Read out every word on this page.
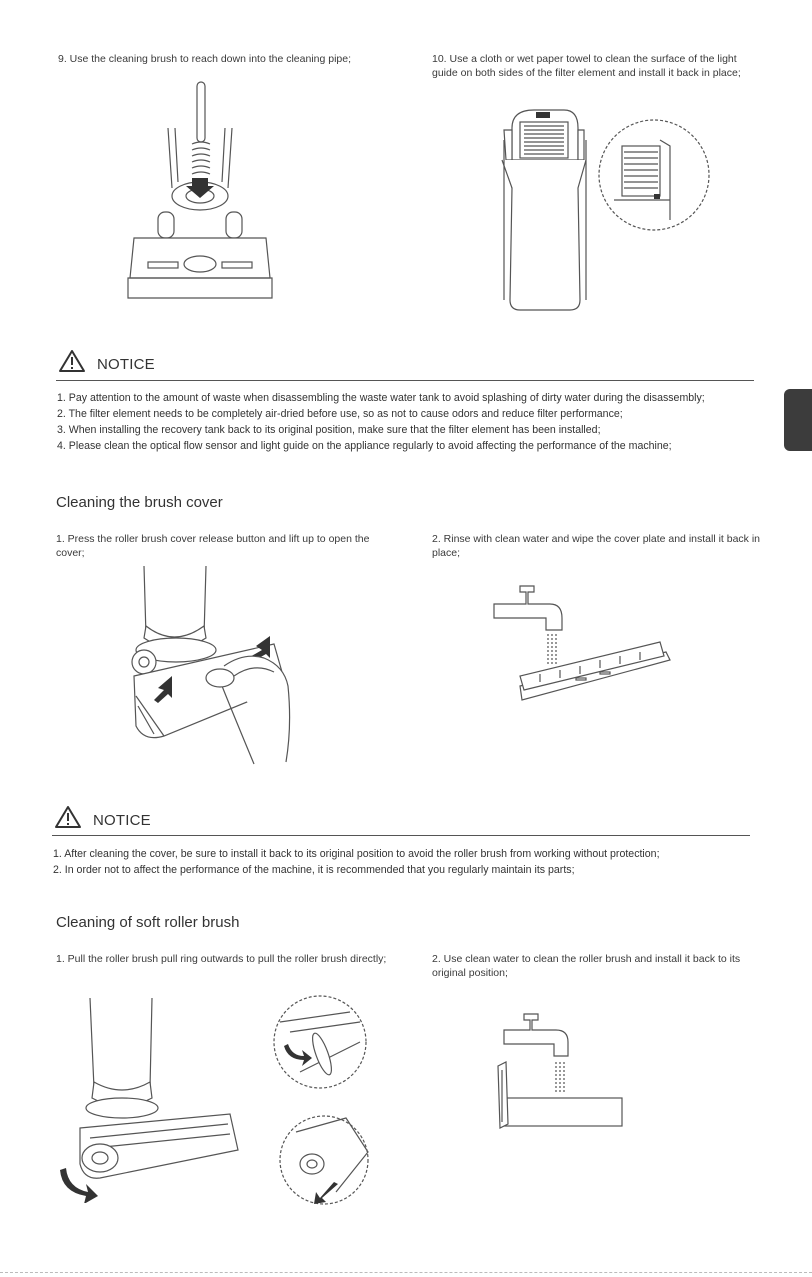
9. Use the cleaning brush to reach down into the cleaning pipe;	10. Use a cloth or wet paper towel to clean the surface of the light guide on both sides of the filter element and install it back in place;
NOTICE
1. Pay attention to the amount of waste when disassembling the waste water tank to avoid splashing of dirty water during the disassembly;
2. The filter element needs to be completely air-dried before use, so as not to cause odors and reduce filter performance;
3. When installing the recovery tank back to its original position, make sure that the filter element has been installed;
4. Please clean the optical flow sensor and light guide on the appliance regularly to avoid affecting the performance of the machine;
Cleaning the brush cover
1. Press the roller brush cover release button and lift up to open the cover;
2. Rinse with clean water and wipe the cover plate and install it back in place;
NOTICE
1. After cleaning the cover, be sure to install it back to its original position to avoid the roller brush from working without protection;
2. In order not to affect the performance of the machine, it is recommended that you regularly maintain its parts;
Cleaning of soft roller brush
1. Pull the roller brush pull ring outwards to pull the roller brush directly;	2. Use clean water to clean the roller brush and install it back to its original position;
